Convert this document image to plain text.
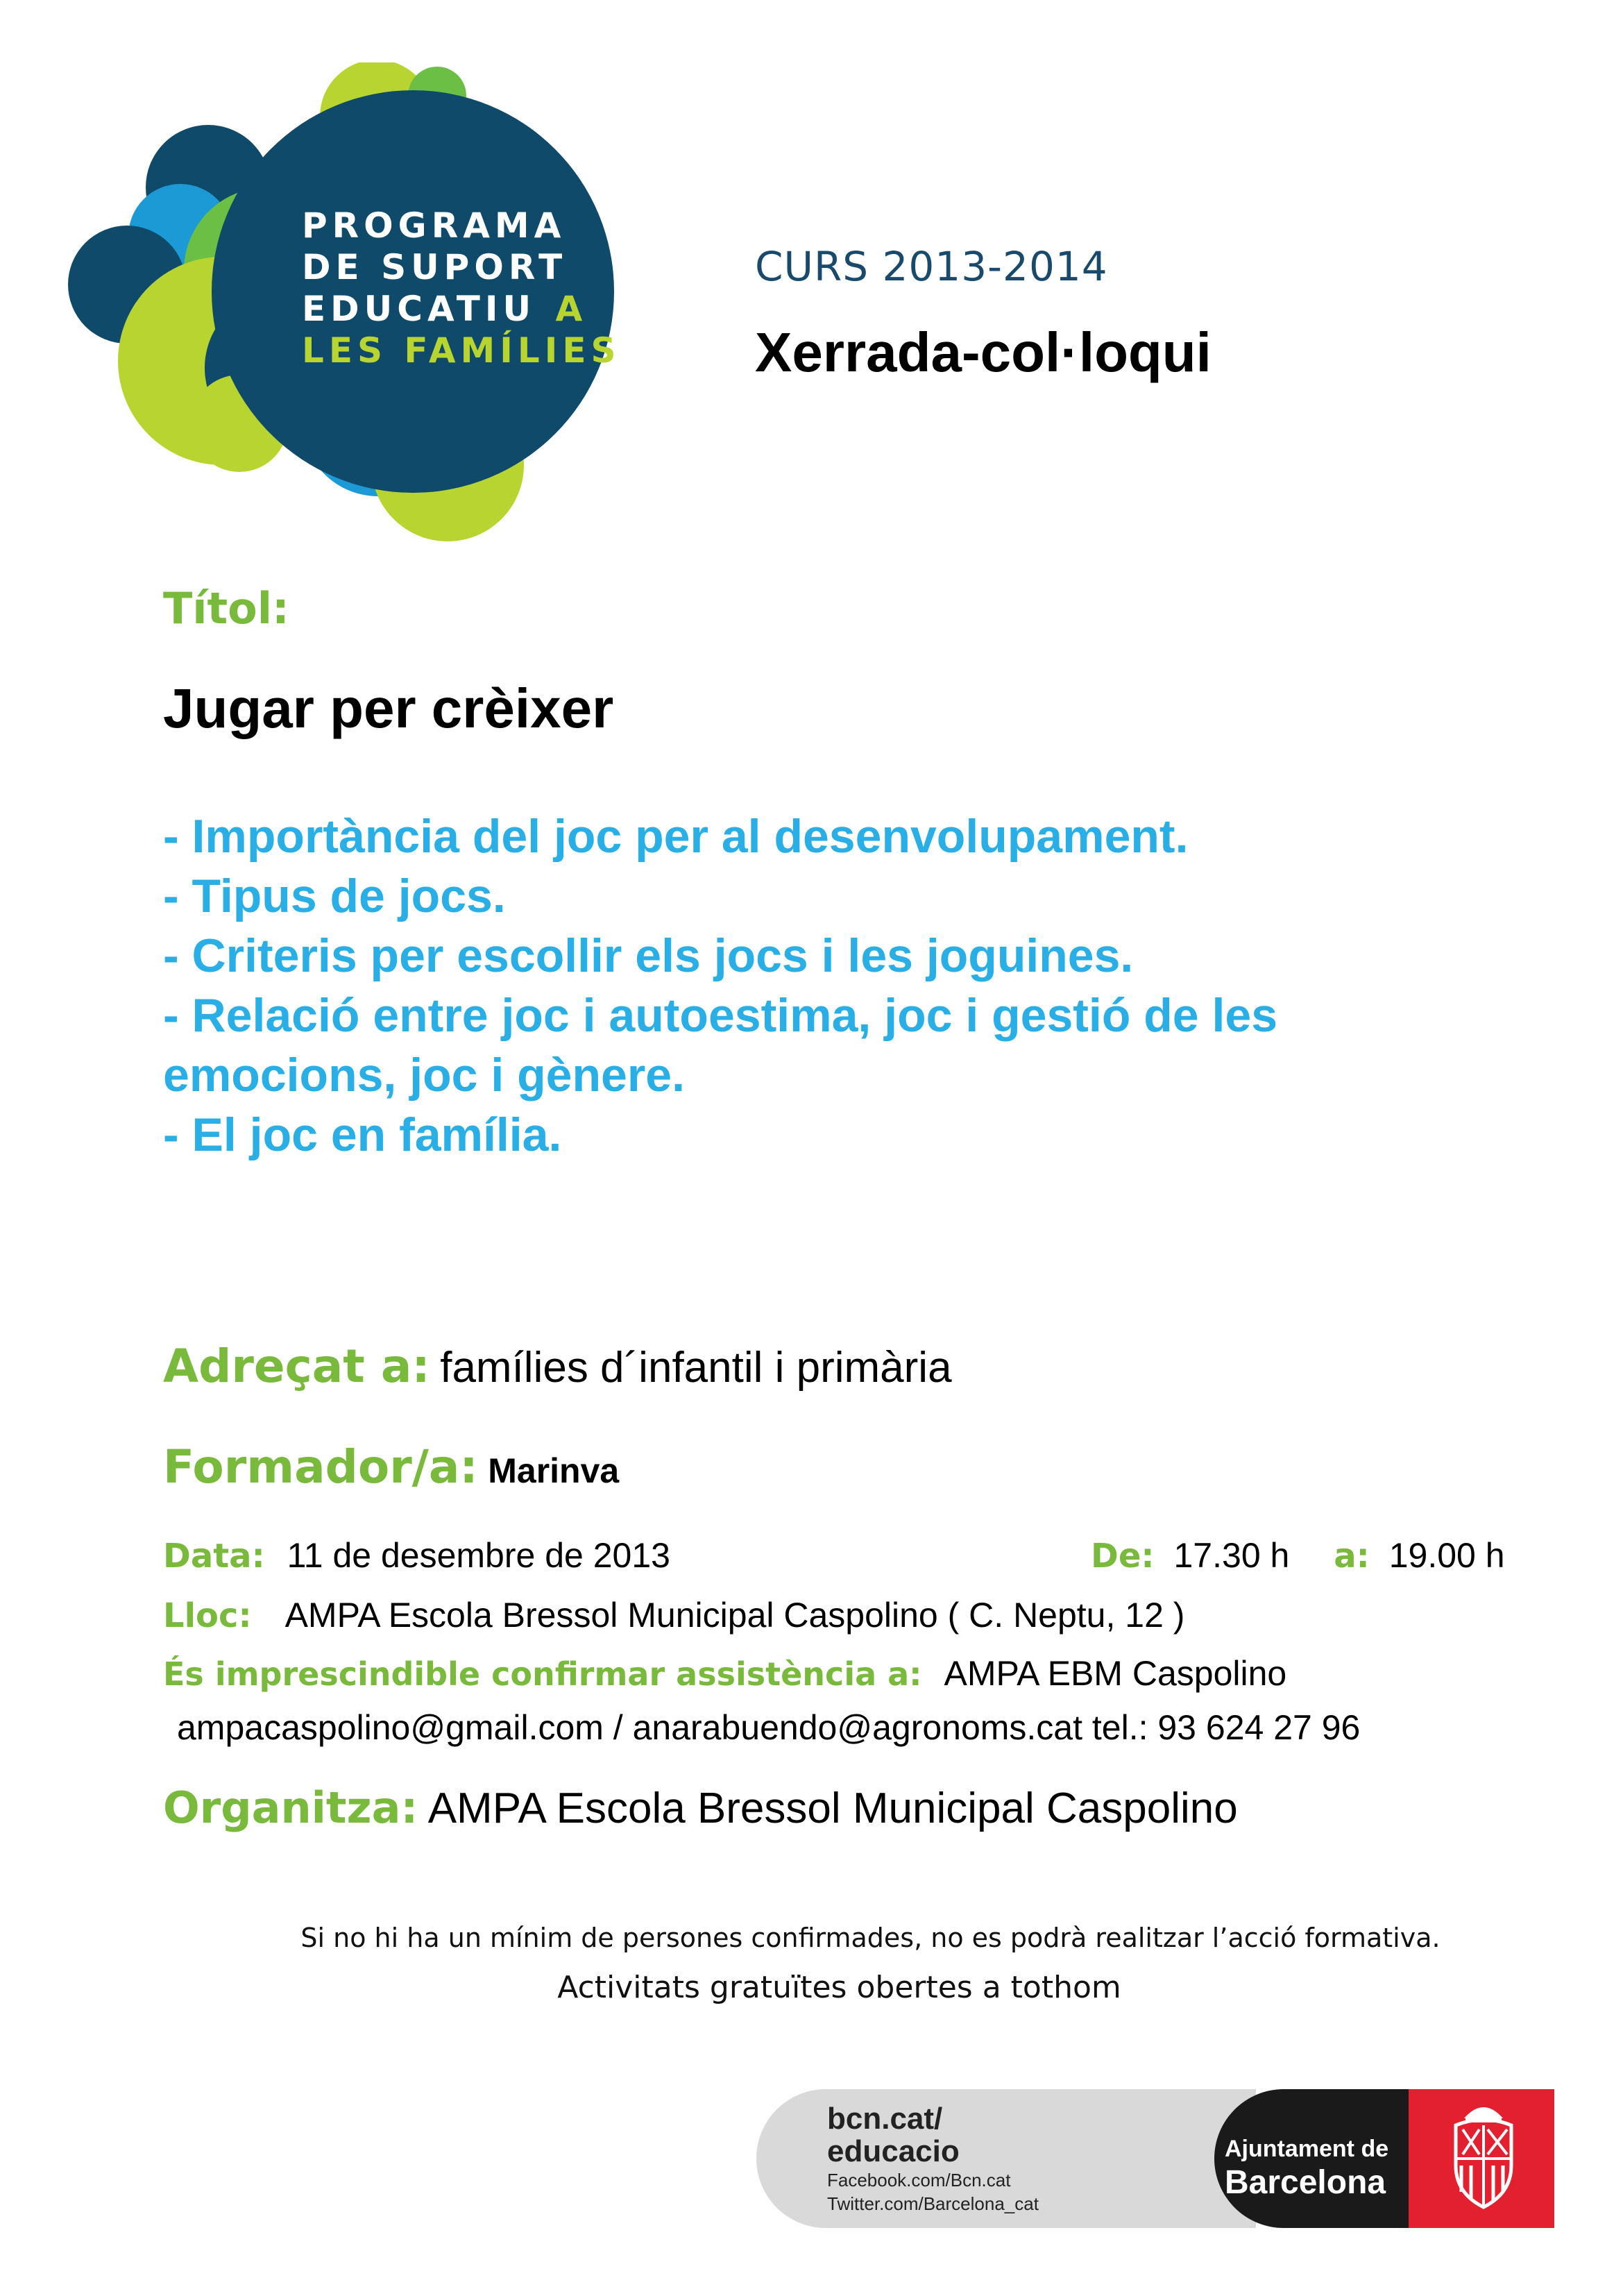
PROGRAMA
DE SUPORT
EDUCATIU A
LES FAMÍLIES
CURS 2013-2014
Xerrada-col·loqui
Títol:
Jugar per crèixer
- Importància del joc per al desenvolupament.
- Tipus de jocs.
- Criteris per escollir els jocs i les joguines.
- Relació entre joc i autoestima, joc i gestió de les
emocions, joc i gènere.
- El joc en família.
Adreçat a: famílies d´infantil i primària
Formador/a: Marinva
Data: 11 de desembre de 2013	De: 17.30 h a: 19.00 h
Lloc: AMPA Escola Bressol Municipal Caspolino ( C. Neptu, 12 )
És imprescindible confirmar assistència a: AMPA EBM Caspolino
ampacaspolino@gmail.com / anarabuendo@agronoms.cat tel.: 93 624 27 96
Organitza: AMPA Escola Bressol Municipal Caspolino
Si no hi ha un mínim de persones confirmades, no es podrà realitzar l’acció formativa.
Activitats gratuïtes obertes a tothom
bcn.cat/
educacio
Facebook.com/Bcn.cat
Twitter.com/Barcelona_cat
Ajuntament de
Barcelona
